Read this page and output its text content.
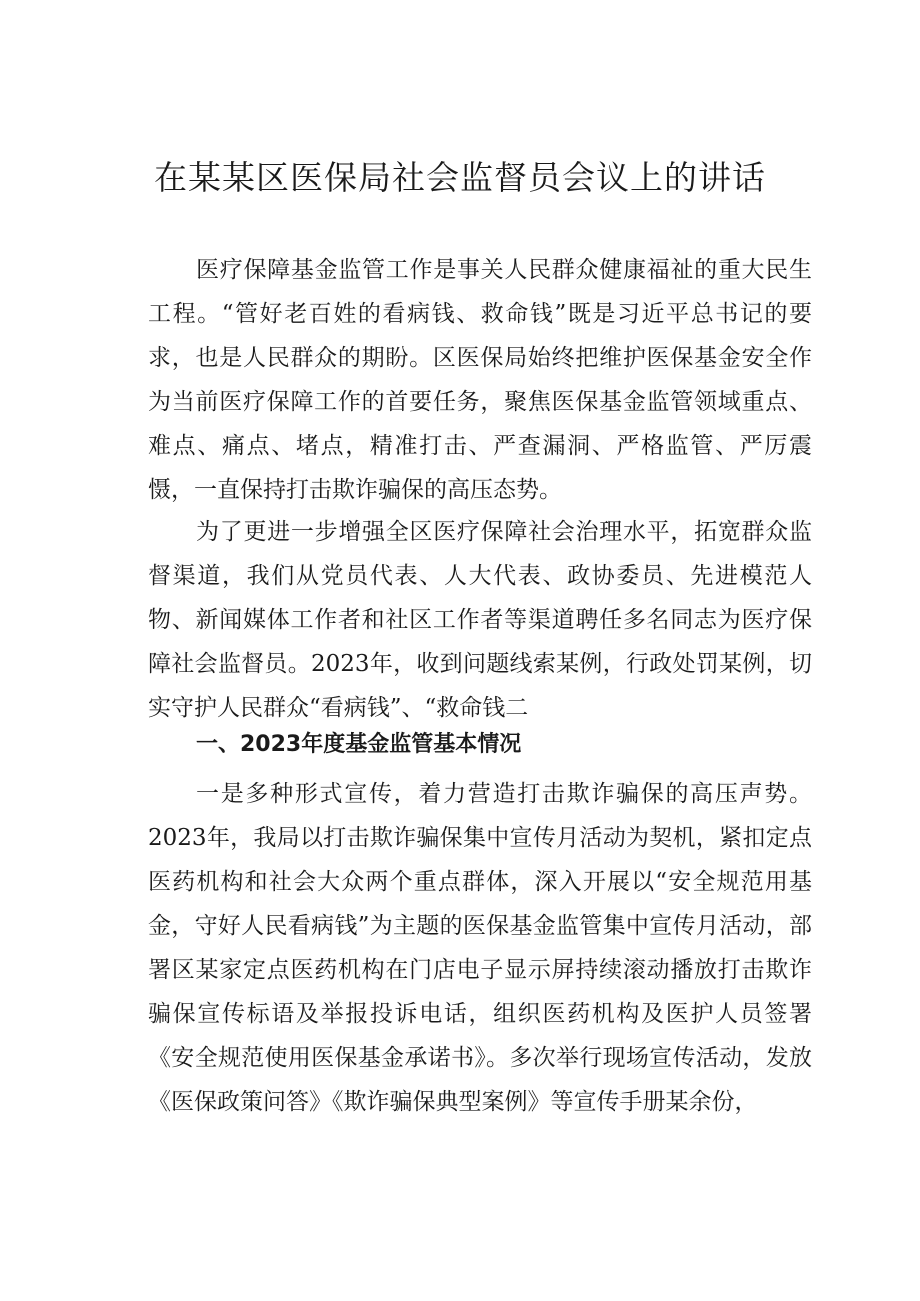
在某某区医保局社会监督员会议上的讲话

医疗保障基金监管工作是事关人民群众健康福祉的重大民生工程。“管好老百姓的看病钱、救命钱”既是习近平总书记的要求，也是人民群众的期盼。区医保局始终把维护医保基金安全作为当前医疗保障工作的首要任务，聚焦医保基金监管领域重点、难点、痛点、堵点，精准打击、严查漏洞、严格监管、严厉震慑，一直保持打击欺诈骗保的高压态势。

为了更进一步增强全区医疗保障社会治理水平，拓宽群众监督渠道，我们从党员代表、人大代表、政协委员、先进模范人物、新闻媒体工作者和社区工作者等渠道聘任多名同志为医疗保障社会监督员。2023年，收到问题线索某例，行政处罚某例，切实守护人民群众“看病钱”、“救命钱二

一、2023年度基金监管基本情况

一是多种形式宣传，着力营造打击欺诈骗保的高压声势。2023年，我局以打击欺诈骗保集中宣传月活动为契机，紧扣定点医药机构和社会大众两个重点群体，深入开展以“安全规范用基金，守好人民看病钱”为主题的医保基金监管集中宣传月活动，部署区某家定点医药机构在门店电子显示屏持续滚动播放打击欺诈骗保宣传标语及举报投诉电话，组织医药机构及医护人员签署《安全规范使用医保基金承诺书》。多次举行现场宣传活动，发放《医保政策问答》《欺诈骗保典型案例》等宣传手册某余份，
